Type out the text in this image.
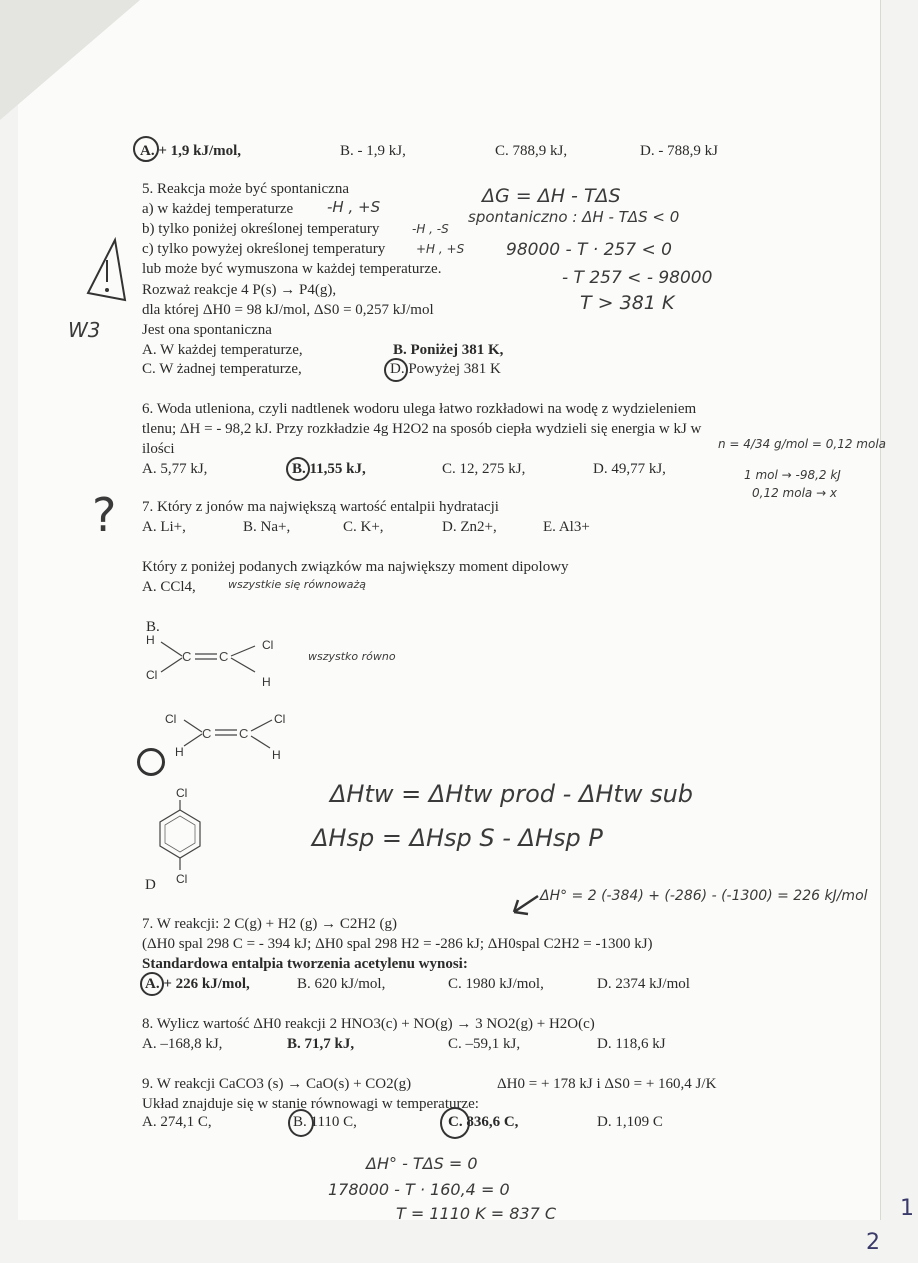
A. + 1,9 kJ/mol,	B. - 1,9 kJ,	C. 788,9 kJ,	D. - 788,9 kJ
5. Reakcja może być spontaniczna
a) w każdej temperaturze
b) tylko poniżej określonej temperatury
c) tylko powyżej określonej temperatury
lub może być wymuszona w każdej temperaturze.
Rozważ reakcje 4 P(s) → P4(g),
dla której ΔH0 = 98 kJ/mol, ΔS0 = 0,257 kJ/mol
Jest ona spontaniczna
A. W każdej temperaturze,	B. Poniżej 381 K,
C. W żadnej temperaturze,	D. Powyżej 381 K
-H , +S
-H , -S
+H , +S
ΔG = ΔH - TΔS
spontaniczno : ΔH - TΔS < 0
98000 - T · 257 < 0
- T 257 < - 98000
T > 381 K
W3
6. Woda utleniona, czyli nadtlenek wodoru ulega łatwo rozkładowi na wodę z wydzieleniem
tlenu; ΔH = - 98,2 kJ. Przy rozkładzie 4g H2O2 na sposób ciepła wydzieli się energia w kJ w
ilości
A. 5,77 kJ,	B. 11,55 kJ,	C. 12, 275 kJ,	D. 49,77 kJ,
n = 4/34 g/mol = 0,12 mola
1 mol → -98,2 kJ
0,12 mola → x
? 7. Który z jonów ma największą wartość entalpii hydratacji
A. Li+,	B. Na+,	C. K+,	D. Zn2+,	E. Al3+
Który z poniżej podanych związków ma największy moment dipolowy
A. CCl4,	wszystkie się równoważą
B.
H
Cl
Cl
H
C C	wszystko równo
Cl
H
Cl
H
C C
Cl
Cl
D
ΔHtw = ΔHtw prod - ΔHtw sub
ΔHsp = ΔHsp S - ΔHsp P
ΔH° = 2 (-384) + (-286) - (-1300) = 226 kJ/mol
7. W reakcji: 2 C(g) + H2 (g) → C2H2 (g)
(ΔH0 spal 298 C = - 394 kJ; ΔH0 spal 298 H2 = -286 kJ; ΔH0spal C2H2 = -1300 kJ)
Standardowa entalpia tworzenia acetylenu wynosi:
A. + 226 kJ/mol,	B. 620 kJ/mol,	C. 1980 kJ/mol,	D. 2374 kJ/mol
8. Wylicz wartość ΔH0 reakcji 2 HNO3(c) + NO(g) → 3 NO2(g) + H2O(c)
A. –168,8 kJ,	B. 71,7 kJ,	C. –59,1 kJ,	D. 118,6 kJ
9. W reakcji CaCO3 (s) → CaO(s) + CO2(g)	ΔH0 = + 178 kJ i ΔS0 = + 160,4 J/K
Układ znajduje się w stanie równowagi w temperaturze:
A. 274,1 C,	B. 1110 C,	C. 836,6 C,	D. 1,109 C
ΔH° - TΔS = 0
178000 - T · 160,4 = 0
T = 1110 K = 837 C	1
2
